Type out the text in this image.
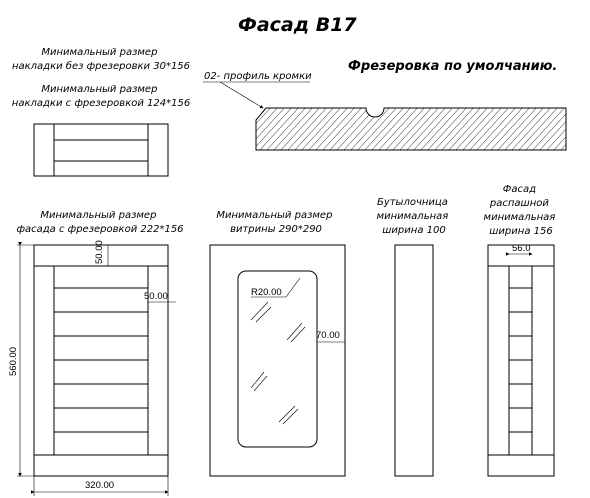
Фасад В17
Фрезеровка по умолчанию.
02- профиль кромки
Минимальный размер накладки без фрезеровки 30*156
Минимальный размер накладки с фрезеровкой 124*156
Минимальный размер фасада с фрезеровкой 222*156
50.00
50.00
560.00
320.00
Минимальный размер витрины 290*290
R20.00
70.00
Бутылочница минимальная ширина 100
Фасад распашной минимальная ширина 156
56.0
